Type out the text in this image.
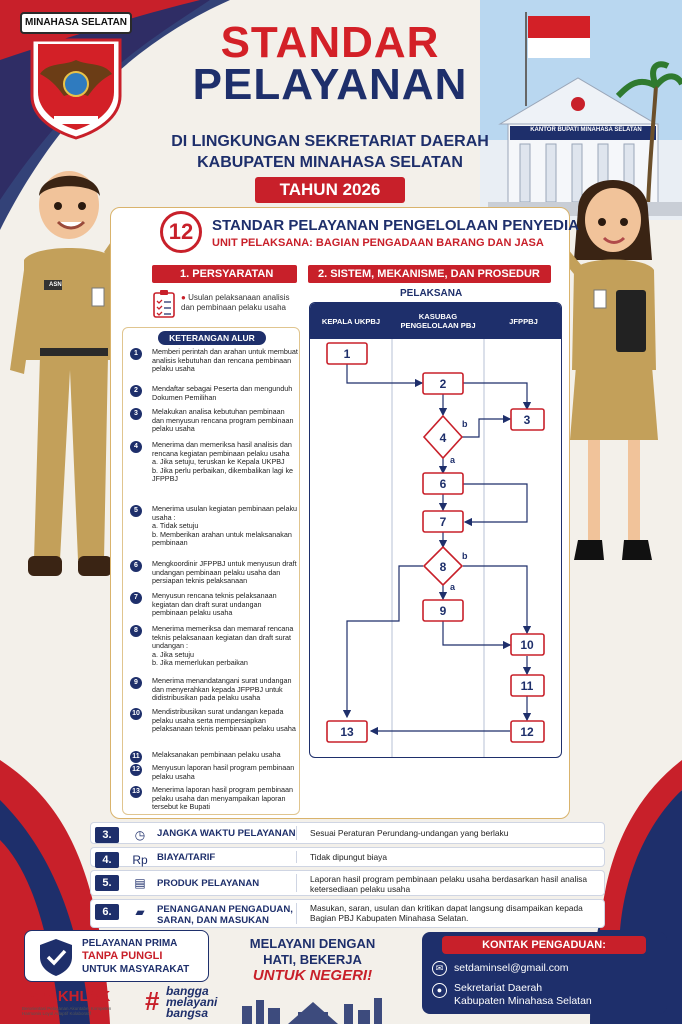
KANTOR BUPATI MINAHASA SELATAN
MINAHASA SELATAN	STANDAR
PELAYANAN
DI LINGKUNGAN SEKRETARIAT DAERAH
KABUPATEN MINAHASA SELATAN
TAHUN 2026
ASN
12	STANDAR PELAYANAN PENGELOLAAN PENYEDIA
UNIT PELAKSANA: BAGIAN PENGADAAN BARANG DAN JASA
1. PERSYARATAN	2. SISTEM, MEKANISME, DAN PROSEDUR
● Usulan pelaksanaan analisis dan pembinaan pelaku usaha
KETERANGAN ALUR
1	Memberi perintah dan arahan untuk membuat analisis kebutuhan dan rencana pembinaan pelaku usaha
2	Mendaftar sebagai Peserta dan mengunduh Dokumen Pemilihan
3	Melakukan analisa kebutuhan pembinaan dan menyusun rencana program pembinaan pelaku usaha
4	Menerima dan memeriksa hasil analisis dan rencana kegiatan pembinaan pelaku usaha
a. Jika setuju, teruskan ke Kepala UKPBJ
b. Jika perlu perbaikan, dikembalikan lagi ke JFPPBJ
5	Menerima usulan kegiatan pembinaan pelaku usaha :
a. Tidak setuju
b. Memberikan arahan untuk melaksanakan pembinaan
6	Mengkoordinir JFPPBJ untuk menyusun draft undangan pembinaan pelaku usaha dan persiapan teknis pelaksanaan
7	Menyusun rencana teknis pelaksanaan kegiatan dan draft surat undangan pembinaan pelaku usaha
8	Menerima memeriksa dan memaraf rencana teknis pelaksanaan kegiatan dan draft surat undangan :
a. Jika setuju
b. Jika memerlukan perbaikan
9	Menerima menandatangani surat undangan dan menyerahkan kepada JFPPBJ untuk didistribusikan pada pelaku usaha
10	Mendistribusikan surat undangan kepada pelaku usaha serta mempersiapkan pelaksanaan teknis pembinaan pelaku usaha
11	Melaksanakan pembinaan pelaku usaha
12	Menyusun laporan hasil program pembinaan pelaku usaha
13	Menerima laporan hasil program pembinaan pelaku usaha dan menyampaikan laporan tersebut ke Bupati
PELAKSANA
KEPALA UKPBJ	KASUBAG PENGELOLAAN PBJ	JFPPBJ
1
2
3
4
6
7
8
9
10
11
12
13
b
a
b
a
3.	◷	JANGKA WAKTU PELAYANAN Sesuai Peraturan Perundang-undangan yang berlaku
4.	Rp BIAYA/TARIF	Tidak dipungut biaya
5.	▤	PRODUK PELAYANAN	Laporan hasil program pembinaan pelaku usaha berdasarkan hasil analisa ketersediaan pelaku usaha
6.	▰	PENANGANAN PENGADUAN, SARAN, DAN MASUKAN
Masukan, saran, usulan dan kritikan dapat langsung disampaikan kepada Bagian PBJ Kabupaten Minahasa Selatan.
PELAYANAN PRIMA
TANPA PUNGLI
UNTUK MASYARAKAT
MELAYANI DENGAN
HATI, BEKERJA
UNTUK NEGERI!
KONTAK PENGADUAN:
✉	setdaminsel@gmail.com
●	Sekretariat Daerah
Kabupaten Minahasa Selatan
BerAKHLAK
Berorientasi Pelayanan Akuntabel Kompeten Harmonis Loyal Adaptif Kolaboratif	# bangga melayani bangsa
